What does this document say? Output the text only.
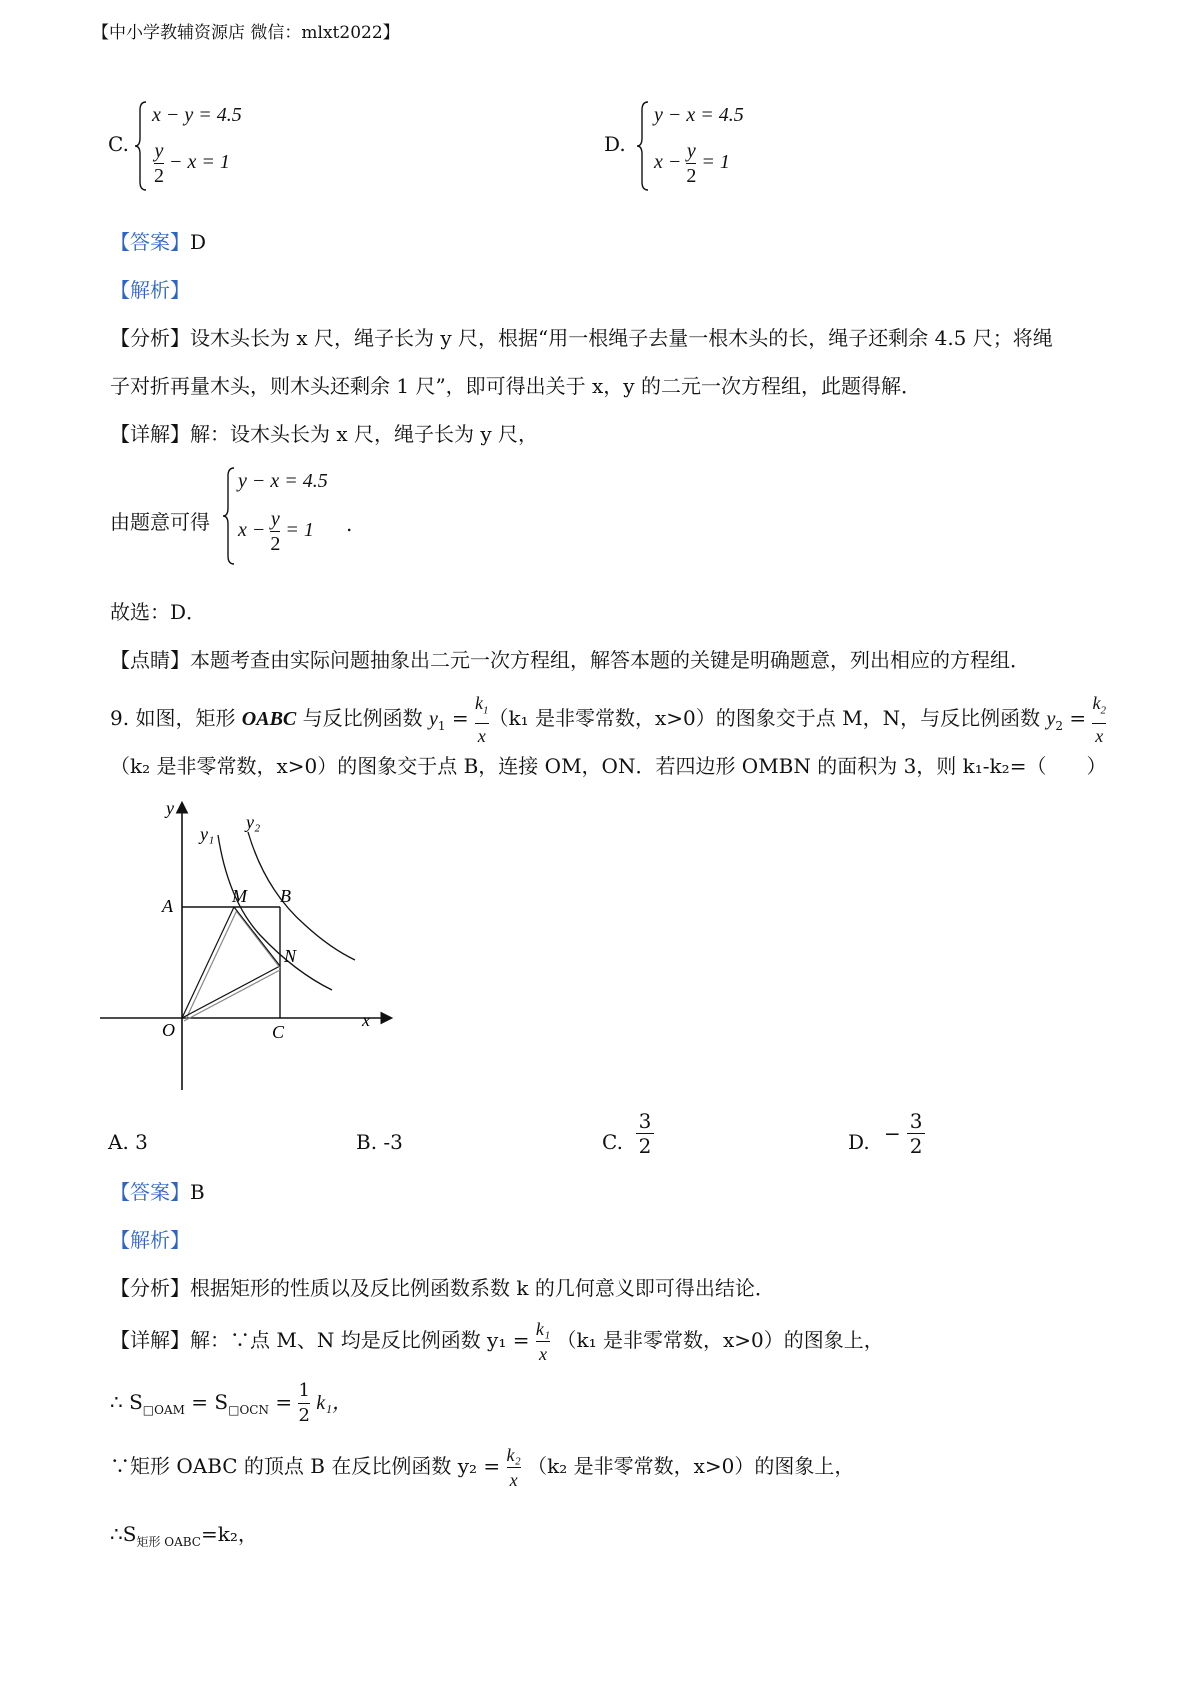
【中小学教辅资源店 微信：mlxt2022】
C.
x − y = 4.5
$\frac{y}{2} - x = 1$
D.
y − x = 4.5
$x - \frac{y}{2} = 1$
【答案】D
【解析】
【分析】设木头长为 x 尺，绳子长为 y 尺，根据“用一根绳子去量一根木头的长，绳子还剩余 4.5 尺；将绳
子对折再量木头，则木头还剩余 1 尺”，即可得出关于 x，y 的二元一次方程组，此题得解．
【详解】解：设木头长为 x 尺，绳子长为 y 尺，
由题意可得
y − x = 4.5
$x - \frac{y}{2} = 1$ .
故选：D．
【点睛】本题考查由实际问题抽象出二元一次方程组，解答本题的关键是明确题意，列出相应的方程组．
9. 如图，矩形 OABC 与反比例函数 $y_1 = \frac{k_1}{x} (k_1$ 是非零常数，x>0）的图象交于点 M，N，与反比例函数 $y_2 = \frac{k_2}{x}$
（k₂ 是非零常数，x>0）的图象交于点 B，连接 OM，ON．若四边形 OMBN 的面积为 3，则 k₁-k₂=（　　）
y
x
y₁
y₂
A	M B
N
O	C
A. 3	B. -3	C. $\frac{3}{2}$	D. − $\frac{3}{2}$
【答案】B
【解析】
【分析】根据矩形的性质以及反比例函数系数 k 的几何意义即可得出结论．
【详解】解：∵点 M、N 均是反比例函数 $y_1 = \frac{\text{k₁}}{x} (k_1$ 是非零常数，x>0）的图象上，
∴ $S_{□OAM} = S_{□OCN} = \frac{1}{2} k_1$，
∵矩形 OABC 的顶点 B 在反比例函数 $y_2 = \frac{\text{k₂}}{x} (k_2$ 是非零常数，x>0）的图象上，
$\therefore S_{矩形 OABC}=k_2$，
